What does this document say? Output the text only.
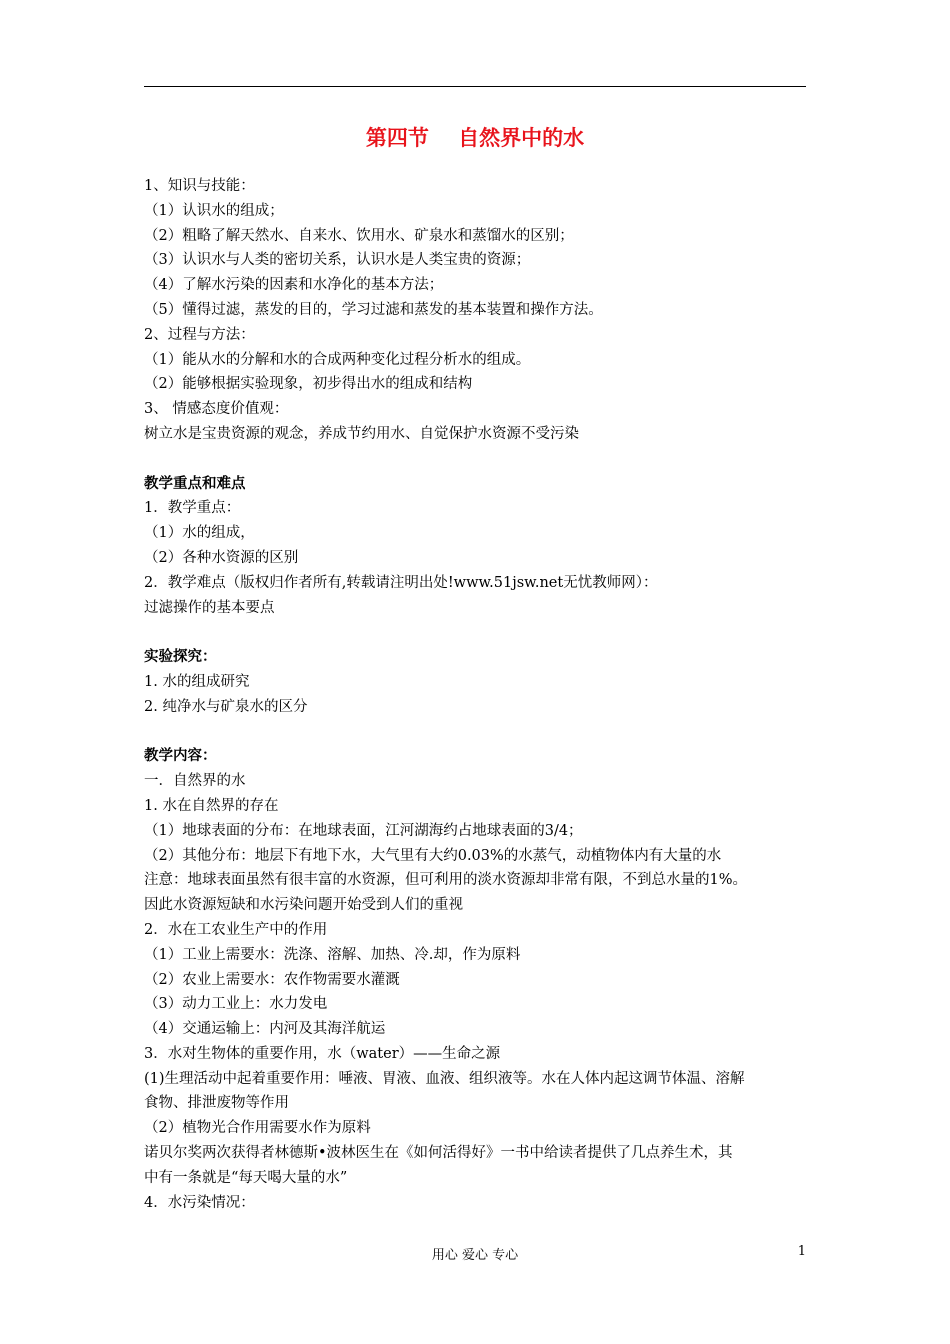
第四节    自然界中的水
1、知识与技能：
（1）认识水的组成；
（2）粗略了解天然水、自来水、饮用水、矿泉水和蒸馏水的区别；
（3）认识水与人类的密切关系，认识水是人类宝贵的资源；
（4）了解水污染的因素和水净化的基本方法；
（5）懂得过滤，蒸发的目的，学习过滤和蒸发的基本装置和操作方法。
2、过程与方法：
（1）能从水的分解和水的合成两种变化过程分析水的组成。
（2）能够根据实验现象，初步得出水的组成和结构
3、 情感态度价值观：
树立水是宝贵资源的观念，养成节约用水、自觉保护水资源不受污染
教学重点和难点
1．教学重点：
（1）水的组成，
（2）各种水资源的区别
2．教学难点（版权归作者所有,转载请注明出处!www.51jsw.net无忧教师网）：
过滤操作的基本要点
实验探究：
1. 水的组成研究
2. 纯净水与矿泉水的区分
教学内容：
一．自然界的水
1. 水在自然界的存在
（1）地球表面的分布：在地球表面，江河湖海约占地球表面的3/4；
（2）其他分布：地层下有地下水，大气里有大约0.03%的水蒸气，动植物体内有大量的水
注意：地球表面虽然有很丰富的水资源，但可利用的淡水资源却非常有限，不到总水量的1%。
因此水资源短缺和水污染问题开始受到人们的重视
2．水在工农业生产中的作用
（1）工业上需要水：洗涤、溶解、加热、冷.却，作为原料
（2）农业上需要水：农作物需要水灌溉
（3）动力工业上：水力发电
（4）交通运输上：内河及其海洋航运
3．水对生物体的重要作用，水（water）——生命之源
(1)生理活动中起着重要作用：唾液、胃液、血液、组织液等。水在人体内起这调节体温、溶解
食物、排泄废物等作用
（2）植物光合作用需要水作为原料
诺贝尔奖两次获得者林德斯•波林医生在《如何活得好》一书中给读者提供了几点养生术，其
中有一条就是“每天喝大量的水”
4．水污染情况：
用心 爱心 专心	1
